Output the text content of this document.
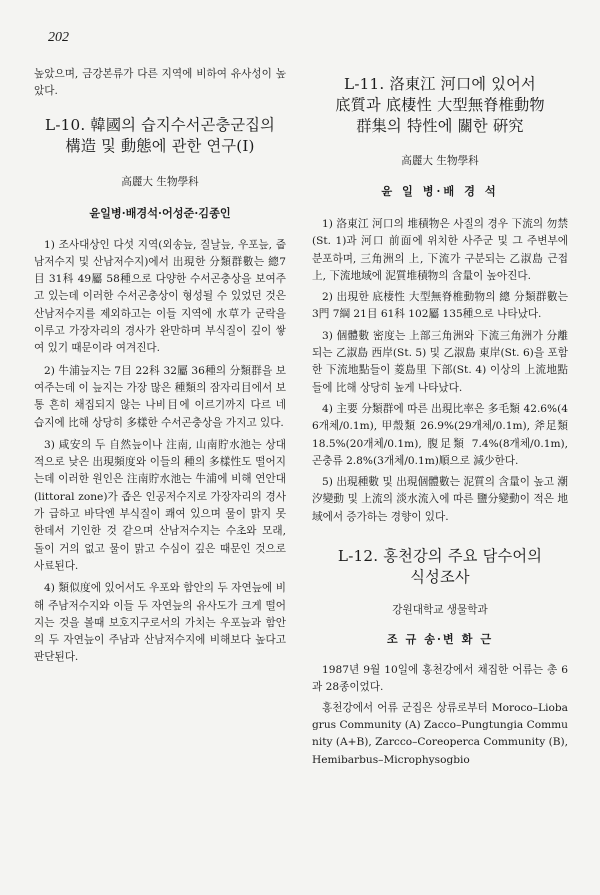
202

높았으며, 금강본류가 다른 지역에 비하여 유사성이 높았다.

L-10. 韓國의 습지수서곤충군집의
構造 및 動態에 관한 연구(Ⅰ)
高麗大 生物學科
윤일병·배경석·어성준·김종인

1) 조사대상인 다섯 지역(외송늪, 질날늪, 우포늪, 줍남저수지 및 산남저수지)에서 出現한 分類群數는 總7目 31科 49屬 58種으로 다양한 수서곤충상을 보여주고 있는데 이러한 수서곤충상이 형성될 수 있었던 것은 산남저수지를 제외하고는 이들 지역에 水草가 군락을 이루고 가장자리의 경사가 완만하며 부식질이 깊이 쌓여 있기 때문이라 여겨진다.

2) 牛浦늪지는 7目 22科 32屬 36種의 分類群을 보여주는데 이 늪지는 가장 많은 種類의 잠자리目에서 보통 흔히 채집되지 않는 나비目에 이르기까지 다르 네 습지에 比해 상당히 多樣한 수서곤충상을 가지고 있다.

3) 咸安의 두 自然늪이나 注南, 山南貯水池는 상대적으로 낮은 出現頻度와 이들의 種의 多樣性도 떨어지는데 이러한 원인은 注南貯水池는 牛浦에 비해 연안대(littoral zone)가 좁은 인공저수지로 가장자리의 경사가 급하고 바닥엔 부식질이 쾌여 있으며 물이 맑지 못한데서 기인한 것 같으며 산남저수지는 수초와 모래, 돌이 거의 없고 물이 맑고 수심이 깊은 때문인 것으로 사료된다.

4) 類似度에 있어서도 우포와 함안의 두 자연늪에 비해 주남저수지와 이들 두 자연늪의 유사도가 크게 떨어지는 것을 볼때 보호지구로서의 가치는 우포늪과 함안의 두 자연늪이 주남과 산남저수지에 비해보다 높다고 판단된다.

L-11. 洛東江 河口에 있어서
底質과 底棲性 大型無脊椎動物
群集의 特性에 關한 硏究
高麗大 生物學科
윤 일 병·배 경 석

1) 洛東江 河口의 堆積物은 사질의 경우 下流의 勿禁(St. 1)과 河口 前面에 위치한 사주군 및 그 주변부에 분포하며, 三角洲의 上, 下流가 구분되는 乙淑島 근접 上, 下流地域에 泥質堆積物의 含量이 높아진다.

2) 出現한 底棲性 大型無脊椎動物의 總 分類群數는 3門 7綱 21目 61科 102屬 135種으로 나타났다.

3) 個體數 密度는 上部三角洲와 下流三角洲가 分離되는 乙淑島 西岸(St. 5) 및 乙淑島 東岸(St. 6)을 포함한 下流地點들이 菱島里 下部(St. 4) 이상의 上流地點들에 比해 상당히 높게 나타났다.

4) 主要 分類群에 따른 出現比率은 多毛類 42.6%(46개체/0.1m), 甲殼類 26.9%(29개체/0.1m), 斧足類 18.5%(20개체/0.1m), 腹足類 7.4%(8개체/0.1m), 곤충류 2.8%(3개체/0.1m)順으로 減少한다.

5) 出現種數 및 出現個體數는 泥質의 含量이 높고 潮汐變動 및 上流의 淡水流入에 따른 鹽分變動이 적은 地域에서 증가하는 경향이 있다.

L-12. 홍천강의 주요 담수어의
식성조사
강원대학교 생물학과
조 규 송·변 화 근

1987년 9월 10일에 홍천강에서 채집한 어류는 총 6과 28종이었다.

홍천강에서 어류 군집은 상류로부터 Moroco–Liobagrus Community (A) Zacco–Pungtungia Community (A+B), Zarcco–Coreoperca Community (B), Hemibarbus–Microphysogbio
